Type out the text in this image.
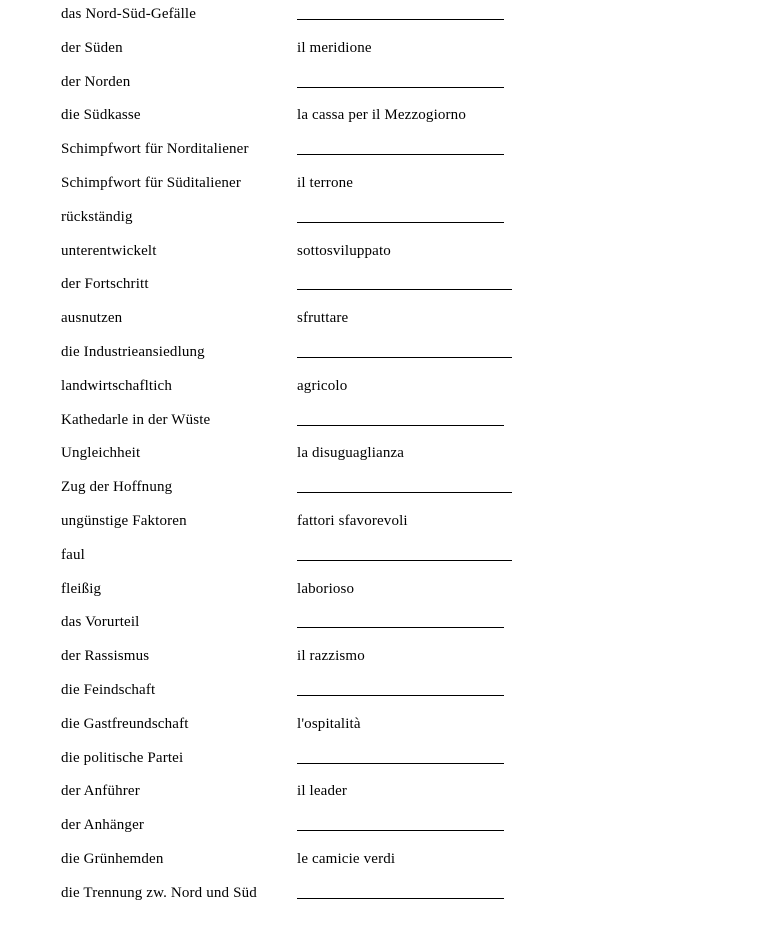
das Nord-Süd-Gefälle
der Süden	il meridione
der Norden
die Südkasse	la cassa per il Mezzogiorno
Schimpfwort für Norditaliener
Schimpfwort für Süditaliener	il terrone
rückständig
unterentwickelt	sottosviluppato
der Fortschritt
ausnutzen	sfruttare
die Industrieansiedlung
landwirtschafltich	agricolo
Kathedarle in der Wüste
Ungleichheit	la disuguaglianza
Zug der Hoffnung
ungünstige Faktoren	fattori sfavorevoli
faul
fleißig	laborioso
das Vorurteil
der Rassismus	il razzismo
die Feindschaft
die Gastfreundschaft	l'ospitalità
die politische Partei
der Anführer	il leader
der Anhänger
die Grünhemden	le camicie verdi
die Trennung zw. Nord und Süd
